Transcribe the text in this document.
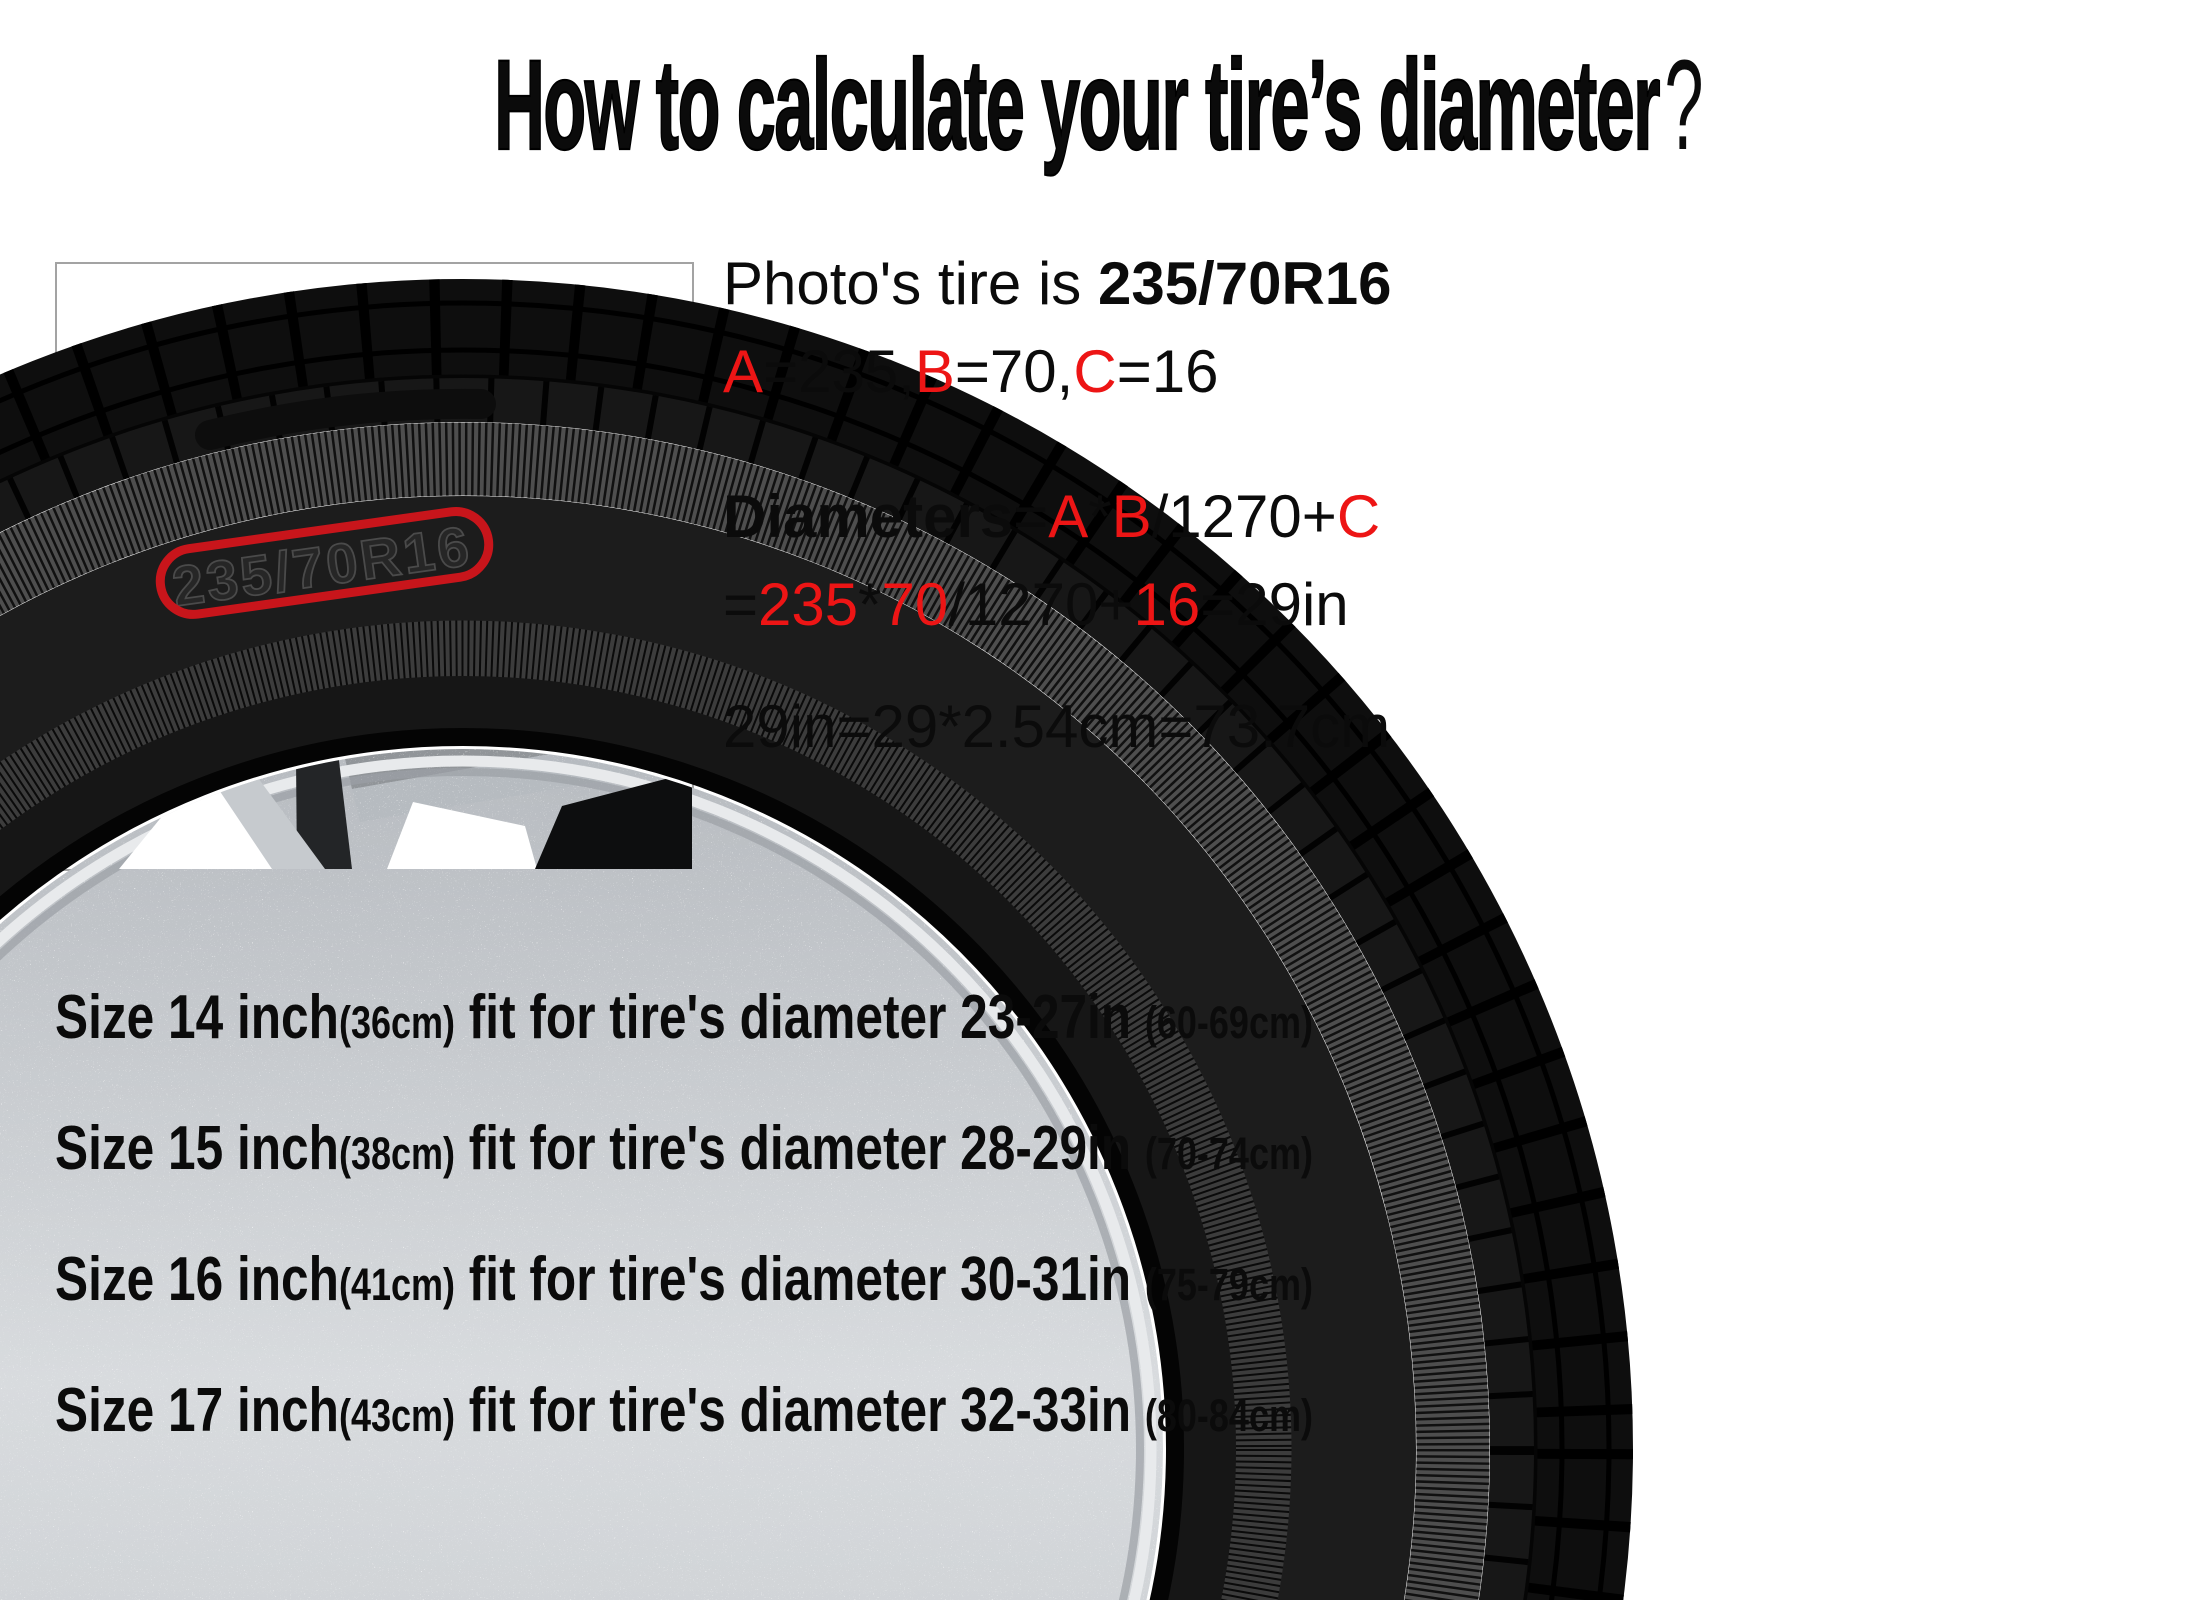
How to calculate your tire’s diameter?
235/70R16
Photo's tire is 235/70R16
A=235,B=70,C=16
Diameters=A*B/1270+C
=235*70/1270+16=29in
29in=29*2.54cm=73.7cm
Size 14 inch(36cm) fit for tire's diameter 23-27in (60-69cm)
Size 15 inch(38cm) fit for tire's diameter 28-29in (70-74cm)
Size 16 inch(41cm) fit for tire's diameter 30-31in (75-79cm)
Size 17 inch(43cm) fit for tire's diameter 32-33in (80-84cm)
